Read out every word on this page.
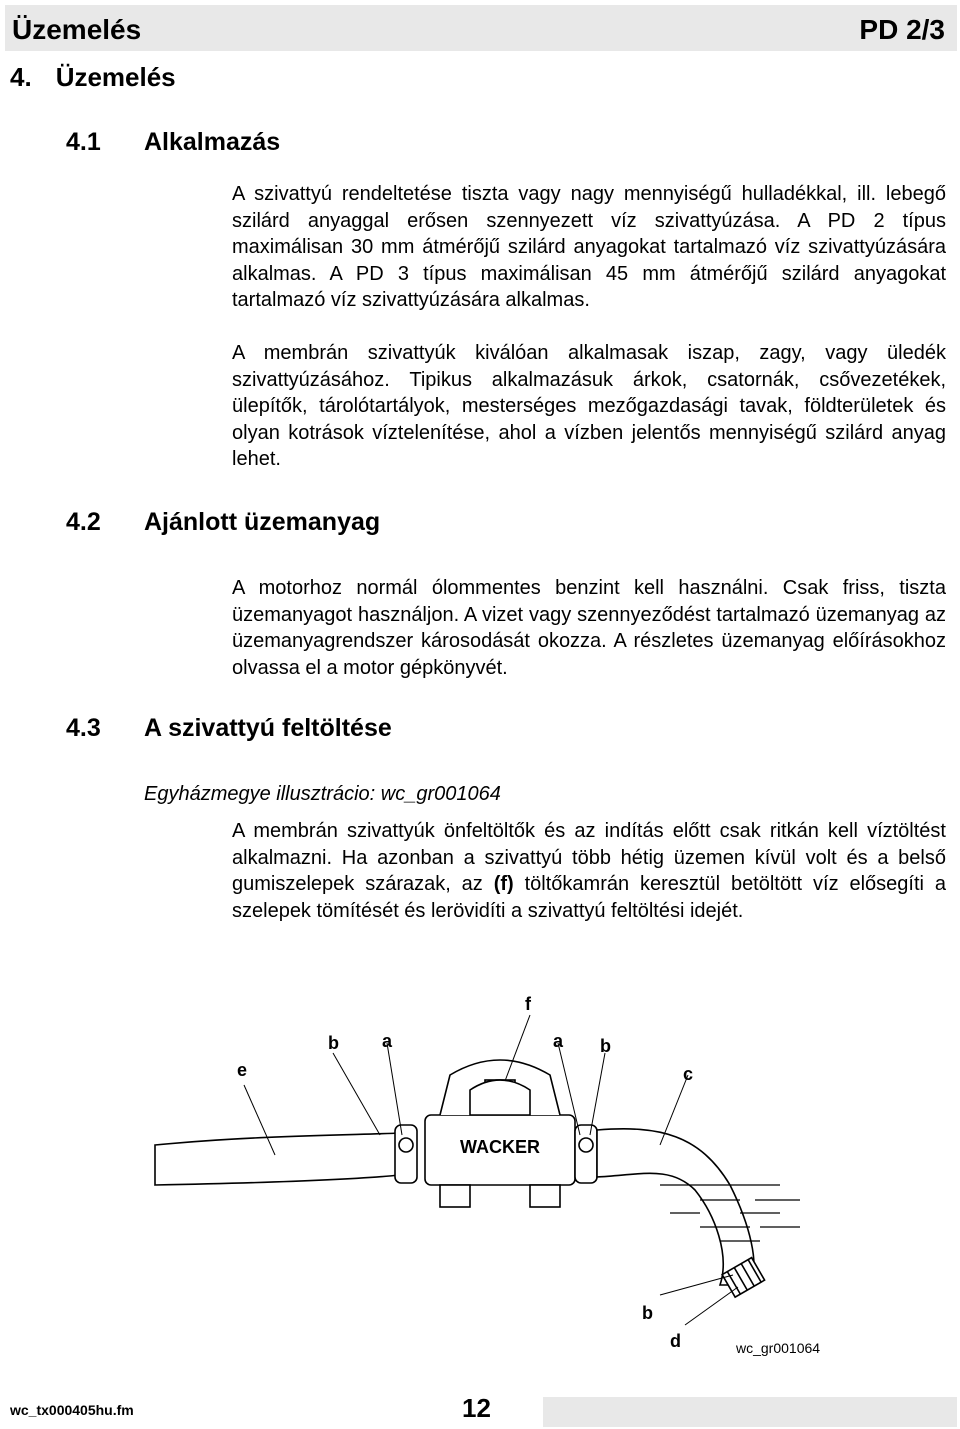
Üzemelés	PD 2/3
4. Üzemelés
4.1 Alkalmazás

A szivattyú rendeltetése tiszta vagy nagy mennyiségű hulladékkal, ill. lebegő szilárd anyaggal erősen szennyezett víz szivattyúzása. A PD 2 típus maximálisan 30 mm átmérőjű szilárd anyagokat tartalmazó víz szivattyúzására alkalmas. A PD 3 típus maximálisan 45 mm átmérőjű szilárd anyagokat tartalmazó víz szivattyúzására alkalmas.

A membrán szivattyúk kiválóan alkalmasak iszap, zagy, vagy üledék szivattyúzásához. Tipikus alkalmazásuk árkok, csatornák, csővezetékek, ülepítők, tárolótartályok, mesterséges mezőgazdasági tavak, földterületek és olyan kotrások víztelenítése, ahol a vízben jelentős mennyiségű szilárd anyag lehet.

4.2 Ajánlott üzemanyag

A motorhoz normál ólommentes benzint kell használni. Csak friss, tiszta üzemanyagot használjon. A vizet vagy szennyeződést tartalmazó üzemanyag az üzemanyagrendszer károsodását okozza. A részletes üzemanyag előírásokhoz olvassa el a motor gépkönyvét.

4.3 A szivattyú feltöltése
Egyházmegye illusztrácio: wc_gr001064

A membrán szivattyúk önfeltöltők és az indítás előtt csak ritkán kell víztöltést alkalmazni. Ha azonban a szivattyú több hétig üzemen kívül volt és a belső gumiszelepek szárazak, az (f) töltőkamrán keresztül betöltött víz elősegíti a szelepek tömítését és lerövidíti a szivattyú feltöltési idejét.

WACKER
e
b a
f
a b
c
b
d	wc_gr001064
wc_tx000405hu.fm	12
